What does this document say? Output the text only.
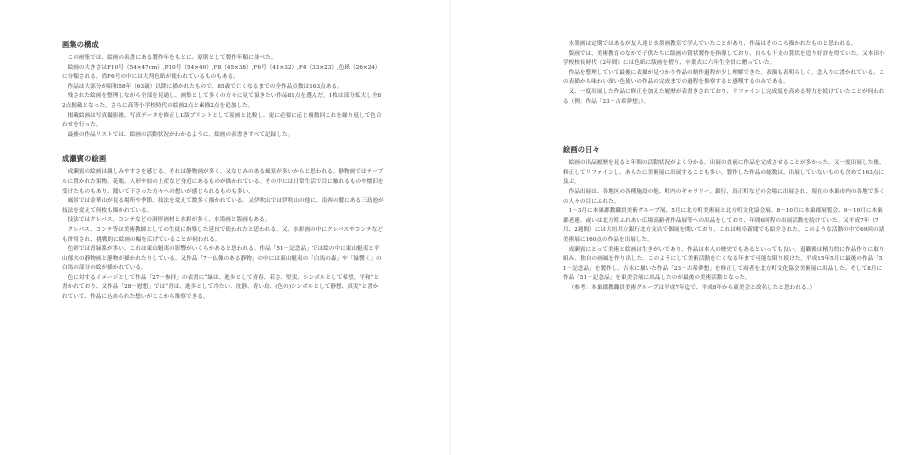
画集の構成

この画集では、絵画の表書にある製作年をもとに、原則として製作年順に並べた。

絵画の大きさはF10号（54×47cm）,P10号（54×40）,F8（45×38）,F6号（41×32）,F4（33×23）,色紙（26×24）に分類される。尚F6号の中には大判色紙が使われているものもある。

作品は大部分が昭和58年（63歳）以降に描かれたもので、85歳で亡くなるまでの全作品点数は163点ある。

残された絵画を整理しながら全部を見通し、画集として多くの方々に見て頂きたい作品81点を選んだ。1枚は部分拡大し全82点掲載となった。さらに高等小学校時代の絵画2点と素描2点を追加した。

掲載絵画は写真撮影後、写真データを修正しL版プリントとして原画と比較し、更に必要に応じ複数回これを繰り返して色合わせを行った。

最後の作品リストでは、絵画の活動状況がわかるように、絵画の表書きすべて記録した。

成瀬賓の絵画

成瀬賓の絵画は親しみやすさを感じる。それは静物画が多く、又なじみのある風景が多いからと思われる。静物画ではテーブルに置かれた果物、花瓶、人形や皿の上産など身近にあるものが描かれている。その中には日常生活で目に触れるものや懐旧を受けたものもあり、聞いて下さった方々への想いが感じられるものも多い。

風景では金華山が見る場所や季節、技法を変えて数多く描かれている。又伊吹山では伊吹山の他に、南西の麓にある三島池が技法を変えて何枚も描かれている。

技法ではクレパス、コンテなどの洞形画材と水彩が多く、水墨画と版画もある。

クレパス、コンテ等は美術教師としての生徒に指導した延長で使われたと思われる。又、水彩画の中にクレパスやコンテなども併用され、挑戦的に絵画の幅を広げていることが伺われる。

色彩では青緑系が多い。これは東山魁夷の影響がいくらかあると思われる。作品「51－記念品」では絵の中に東山魁夷と平山郁夫の静物画と静物が描かれたりしている。又作品「7－仏像のある静物」の中には東山魁夷の「白馬の森」や「緑響く」の白馬の部分の絵が描かれている。

色に対するイメージとして作品「27－参拝」の表書に“緑は、進歩として青春、若さ、堅実、シンボルとして希望、平和”と書かれており、又作品「28－慰想」では“青は、進歩として冷たい、沈静、青い鳥、(色の)シンボルとして静想、真実”と書かれていて、作品に込められた想いがここから推察できる。

水墨画は定期ではあるが友人達と水墨画教室で学んでいたことがあり、作品はそのころ描かれたものと思われる。

版画では、美術教育のなかで子供たちに版画の賞状製作を指導しており、自らも干支の賞状を造り好評を得ていた。又本田小学校校長時代（2年間）には色紙に版画を摺り、卒業式に六年生全員に贈っていた。

作品を整理していて最後に表描が見つかり作品の制作過程が少し理解できた。表描も表明らしく、念入りに書かれている。この表描から味わい深い色使いの作品の完成までの過程を推察すると感嘆するのみである。

又、一度出展した作品に修正を加えた履歴が表書きされており、リファインし完成度を高める努力を続けていたことが伺われる（例：作品「23－古希夢想」）。

絵画の日々

絵画の出品履歴を見ると年間の活動状況がよく分かる。出展の直前に作品を完成させることが多かった。又一度出展した後、修正してリファインし、あらたに美術展に出展することも多い。製作した作品の総数は、出展していないものも含めて163点に及ぶ。

作品出展は、各地区の各種施設の他、町内のギャラリー、銀行、真正町などの会場に出展され、現在の本巣市内の各地で多くの人々の目にふれた。

1～3月に本巣郡教職員美術グループ展、5月に北方町美術展と北方町文化協会展、8～10月に本巣郡展覧会、9～10月に本巣郡老連、或いは北方町ふれあい広場高齢者作品展等への出品をしており、年間6回程の出展活動を続けていた。又平成7年（7月、2週間）には大垣共立銀行北方支店で個展を開いており、これは岐阜新聞でも紹介された。このような活動の中で69回の諸美術展に160点の作品を出展した。

成瀬賓にとって美術と絵画は生きがいであり、作品は本人の歴史でもあるといっても良い。退職後は精力的に作品作りに取り組み、独自の画風を作り出した。このようにして美術活動を亡くなる年まで可能な限り続けた。平成15年5月に最後の作品「51－記念品」を製作し、吉永に描いた作品「23－古希夢想」を修正して両者を北方町文化協会美術展に出品した。そして8月に作品「51－記念品」を東美会展に出品したのが最後の美術活動となった。

（参考：本巣郡教職員美術グループは平成7年迄で、平成8年から東美会と改名したと思われる。）
